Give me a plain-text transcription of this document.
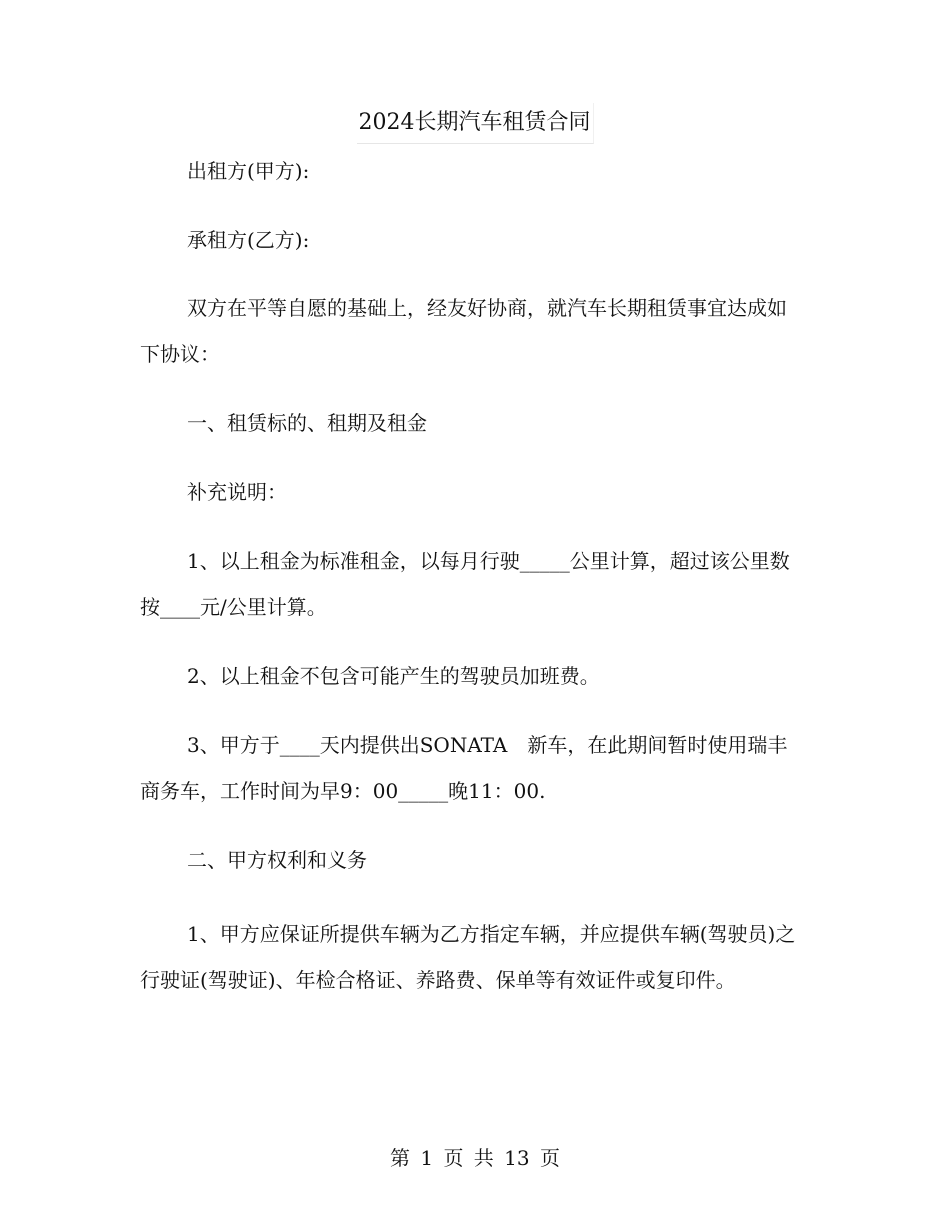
2024长期汽车租赁合同
出租方(甲方):
承租方(乙方):
双方在平等自愿的基础上，经友好协商，就汽车长期租赁事宜达成如下协议：
一、租赁标的、租期及租金
补充说明：
1、以上租金为标准租金，以每月行驶_____公里计算，超过该公里数按____元/公里计算。
2、以上租金不包含可能产生的驾驶员加班费。
3、甲方于____天内提供出SONATA　新车，在此期间暂时使用瑞丰商务车，工作时间为早9：00_____晚11：00.
二、甲方权利和义务
1、甲方应保证所提供车辆为乙方指定车辆，并应提供车辆(驾驶员)之行驶证(驾驶证)、年检合格证、养路费、保单等有效证件或复印件。
第 1 页 共 13 页
